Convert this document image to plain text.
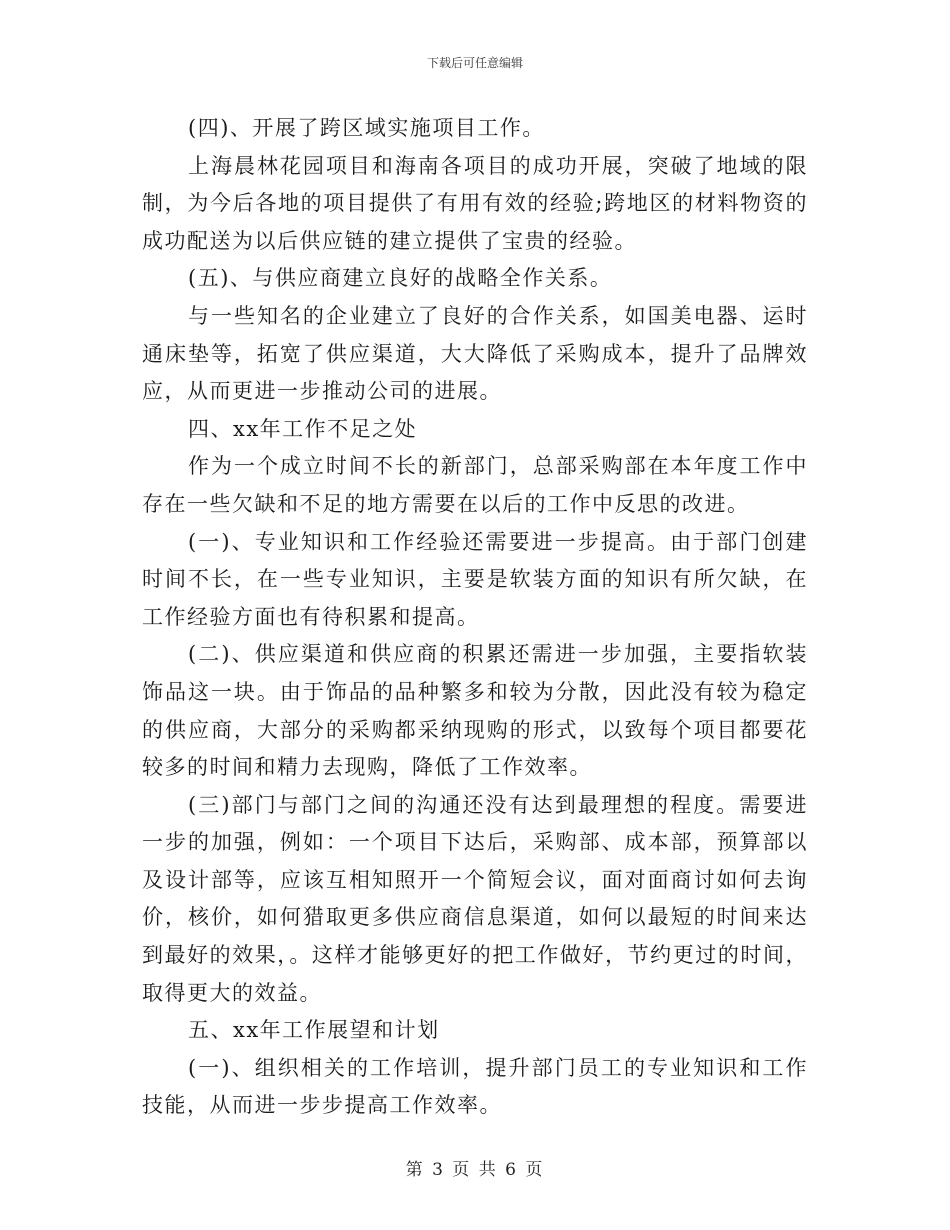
下载后可任意编辑

(四)、开展了跨区域实施项目工作。

上海晨林花园项目和海南各项目的成功开展，突破了地域的限制，为今后各地的项目提供了有用有效的经验;跨地区的材料物资的成功配送为以后供应链的建立提供了宝贵的经验。

(五)、与供应商建立良好的战略全作关系。

与一些知名的企业建立了良好的合作关系，如国美电器、运时通床垫等，拓宽了供应渠道，大大降低了采购成本，提升了品牌效应，从而更进一步推动公司的进展。

四、xx年工作不足之处

作为一个成立时间不长的新部门，总部采购部在本年度工作中存在一些欠缺和不足的地方需要在以后的工作中反思的改进。

(一)、专业知识和工作经验还需要进一步提高。由于部门创建时间不长，在一些专业知识，主要是软装方面的知识有所欠缺，在工作经验方面也有待积累和提高。

(二)、供应渠道和供应商的积累还需进一步加强，主要指软装饰品这一块。由于饰品的品种繁多和较为分散，因此没有较为稳定的供应商，大部分的采购都采纳现购的形式，以致每个项目都要花较多的时间和精力去现购，降低了工作效率。

(三)部门与部门之间的沟通还没有达到最理想的程度。需要进一步的加强，例如：一个项目下达后，采购部、成本部，预算部以及设计部等，应该互相知照开一个简短会议，面对面商讨如何去询价，核价，如何猎取更多供应商信息渠道，如何以最短的时间来达到最好的效果，。这样才能够更好的把工作做好，节约更过的时间，取得更大的效益。

五、xx年工作展望和计划

(一)、组织相关的工作培训，提升部门员工的专业知识和工作技能，从而进一步步提高工作效率。

第 3 页 共 6 页
